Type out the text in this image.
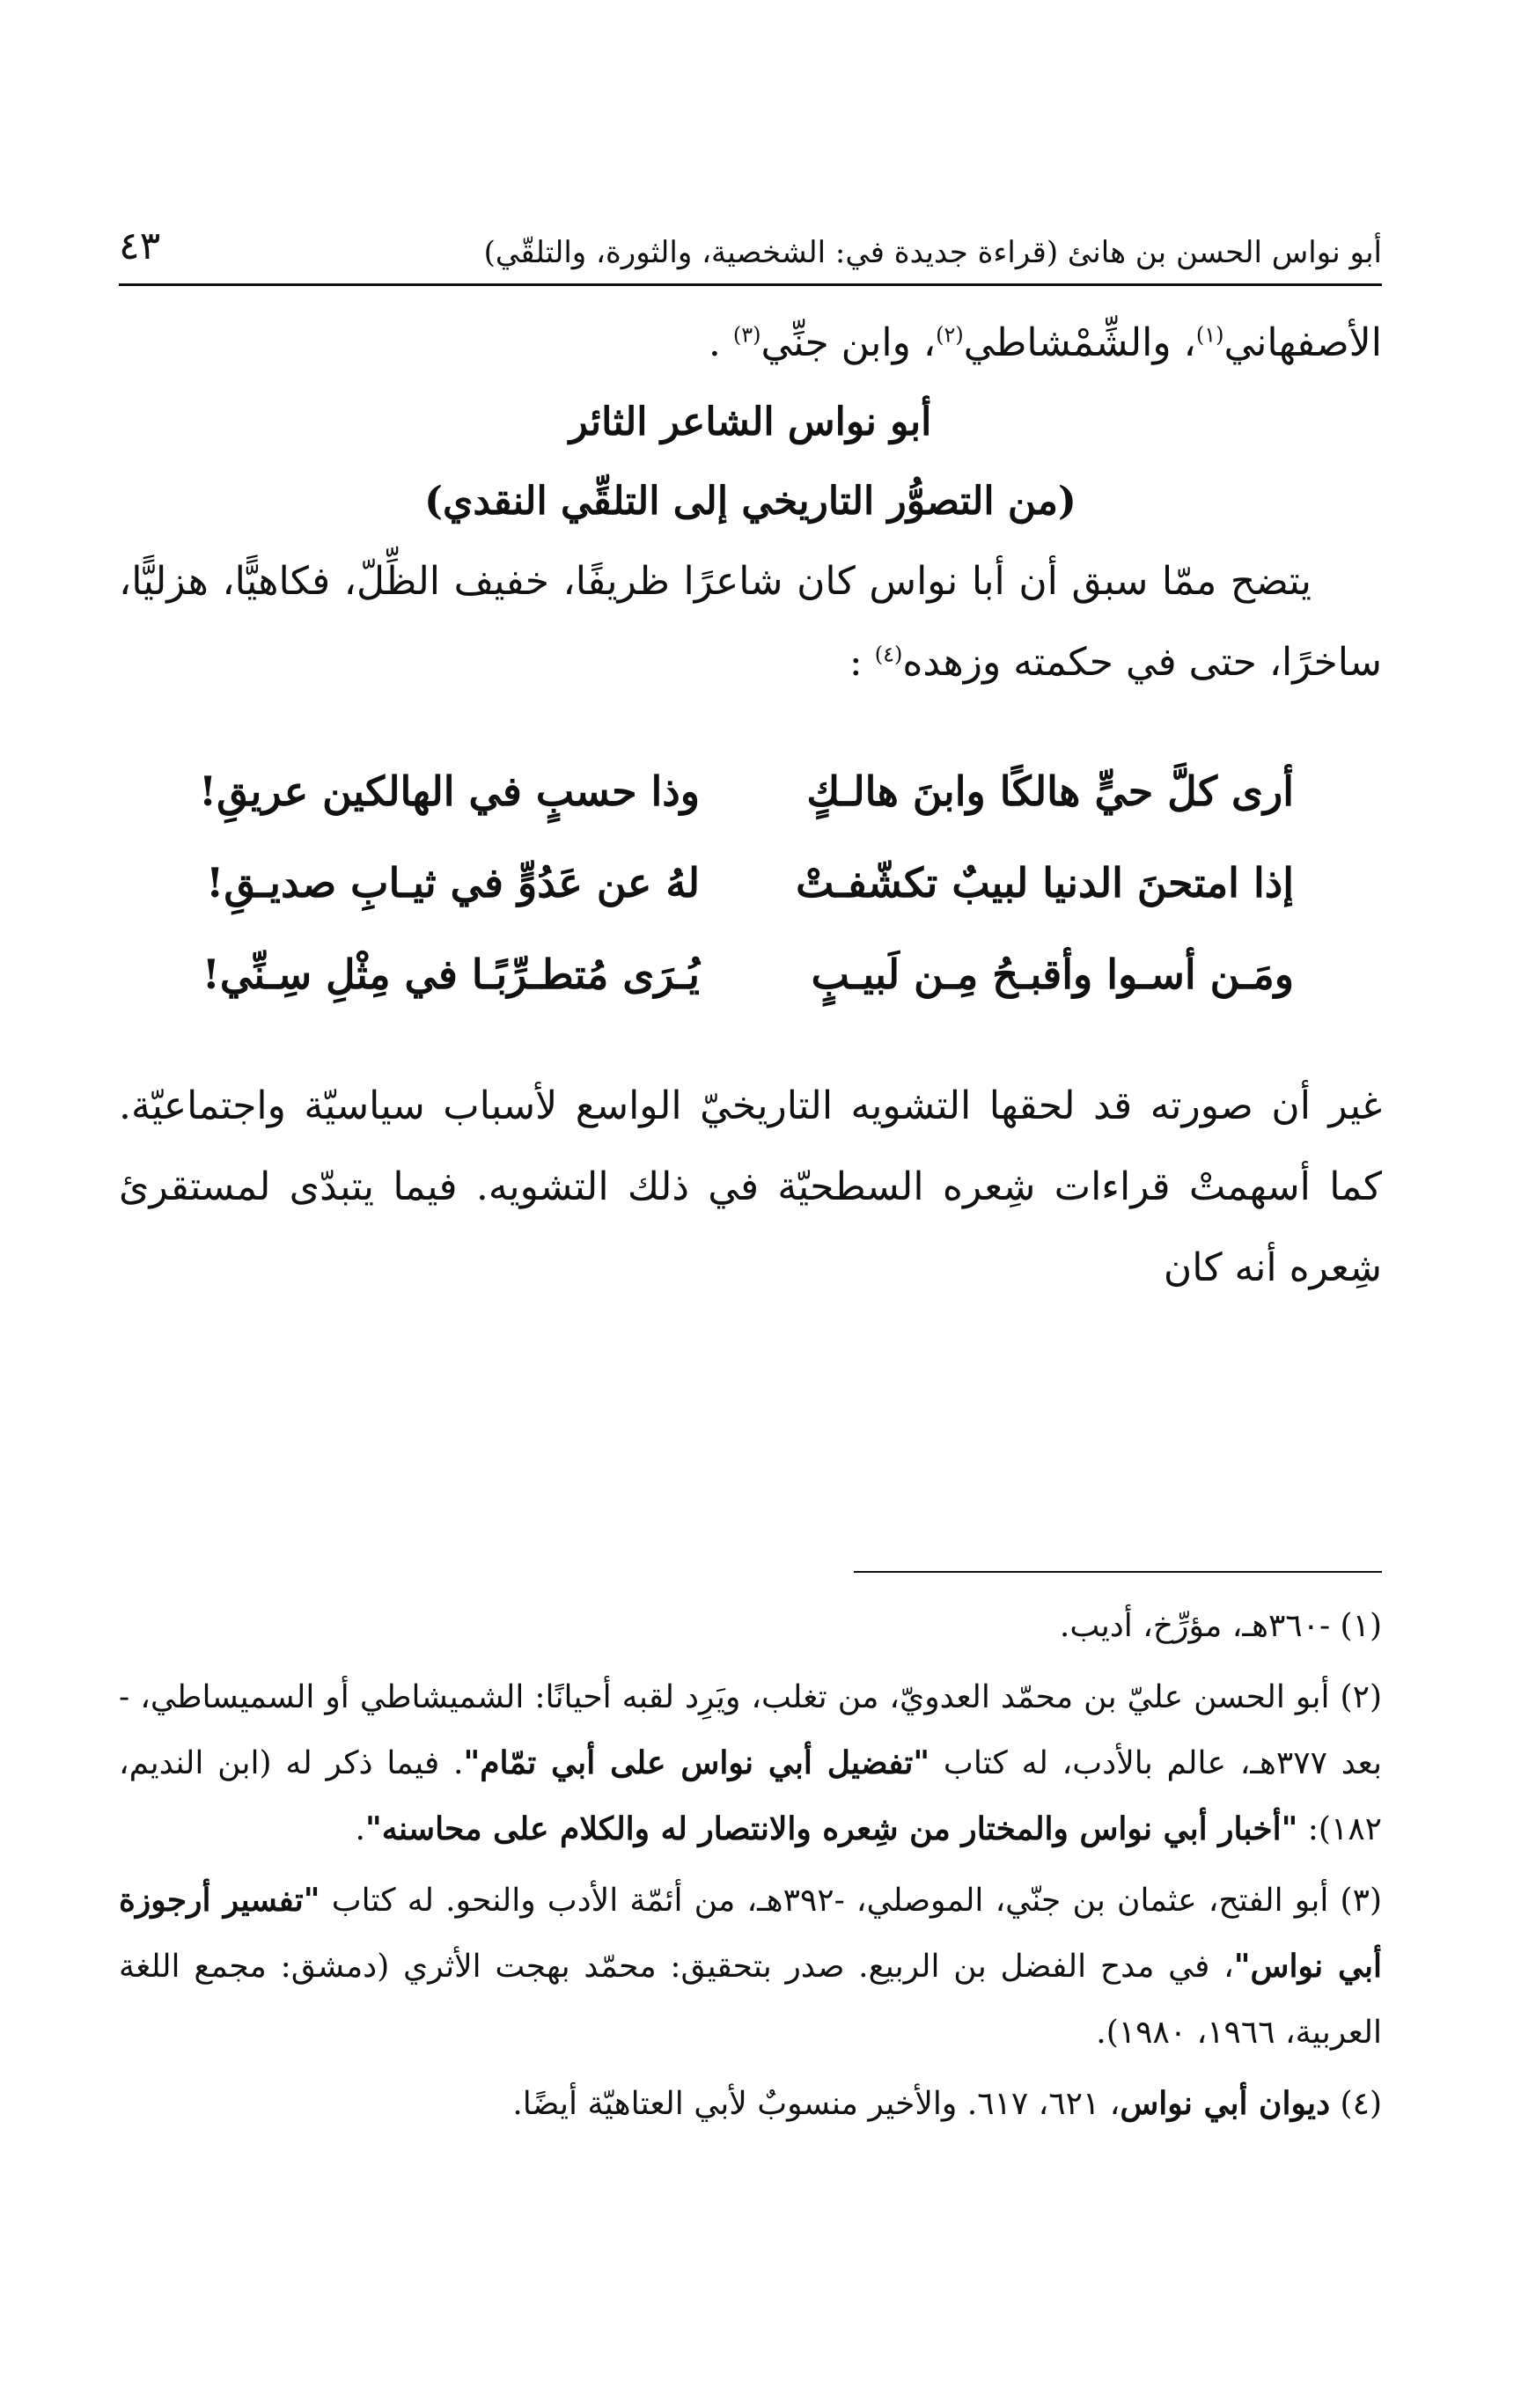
أبو نواس الحسن بن هانئ (قراءة جديدة في: الشخصية، والثورة، والتلقّي)
٤٣
الأصفهاني$^{(١)}$، والشِّمْشاطي$^{(٢)}$، وابن جنِّي$^{(٣)}$ .
أبو نواس الشاعر الثائر
(من التصوُّر التاريخي إلى التلقِّي النقدي)
يتضح ممّا سبق أن أبا نواس كان شاعرًا ظريفًا، خفيف الظِّلّ، فكاهيًّا، هزليًّا، ساخرًا، حتى في حكمته وزهده$^{(٤)}$ :
أرى كلَّ حيٍّ هالكًا وابنَ هالـكٍ
وذا حسبٍ في الهالكين عريقِ!
إذا امتحنَ الدنيا لبيبٌ تكشّفـتْ
لهُ عن عَدُوٍّ في ثيـابِ صديـقِ!
ومَـن أسـوا وأقبـحُ مِـن لَبيـبٍ
يُـرَى مُتطـرِّبًـا في مِثْلِ سِـنِّي!
غير أن صورته قد لحقها التشويه التاريخيّ الواسع لأسباب سياسيّة واجتماعيّة. كما أسهمتْ قراءات شِعره السطحيّة في ذلك التشويه. فيما يتبدّى لمستقرئ شِعره أنه كان

(١) -٣٦٠هـ، مؤرِّخ، أديب.

(٢) أبو الحسن عليّ بن محمّد العدويّ، من تغلب، ويَرِد لقبه أحيانًا: الشميشاطي أو السميساطي، - بعد ٣٧٧هـ، عالم بالأدب، له كتاب "تفضيل أبي نواس على أبي تمّام". فيما ذكر له (ابن النديم، ١٨٢): "أخبار أبي نواس والمختار من شِعره والانتصار له والكلام على محاسنه".

(٣) أبو الفتح، عثمان بن جنّي، الموصلي، -٣٩٢هـ، من أئمّة الأدب والنحو. له كتاب "تفسير أرجوزة أبي نواس"، في مدح الفضل بن الربيع. صدر بتحقيق: محمّد بهجت الأثري (دمشق: مجمع اللغة العربية، ١٩٦٦، ١٩٨٠).

(٤) ديوان أبي نواس، ٦٢١، ٦١٧. والأخير منسوبٌ لأبي العتاهيّة أيضًا.
